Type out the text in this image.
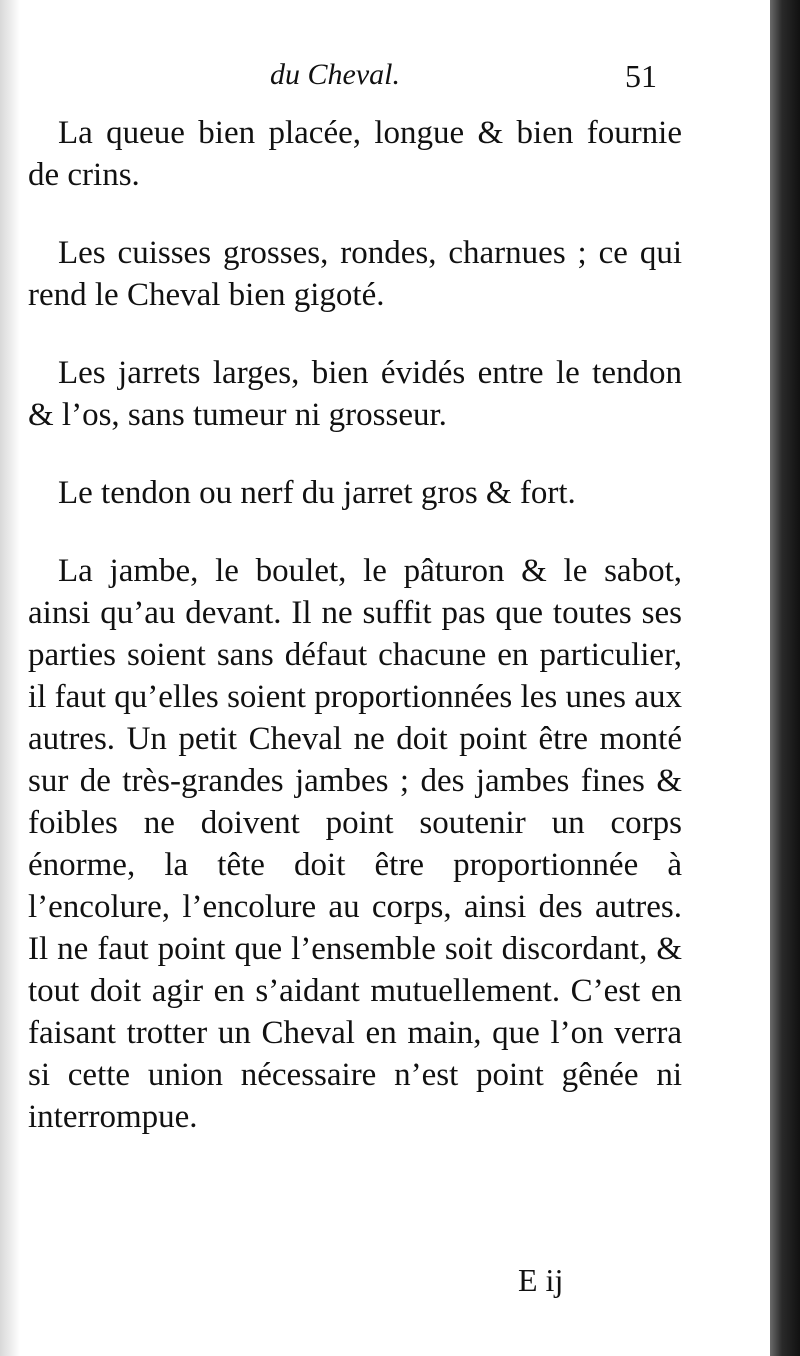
du Cheval.	51

La queue bien placée, longue & bien fournie de crins.

Les cuisses grosses, rondes, charnues ; ce qui rend le Cheval bien gigoté.

Les jarrets larges, bien évidés entre le tendon & l’os, sans tumeur ni grosseur.

Le tendon ou nerf du jarret gros & fort.

La jambe, le boulet, le pâturon & le sabot, ainsi qu’au devant. Il ne suffit pas que toutes ses parties soient sans défaut chacune en particulier, il faut qu’elles soient proportionnées les unes aux autres. Un petit Cheval ne doit point être monté sur de très-grandes jambes ; des jambes fines & foibles ne doivent point soutenir un corps énorme, la tête doit être proportionnée à l’encolure, l’encolure au corps, ainsi des autres. Il ne faut point que l’ensemble soit discordant, & tout doit agir en s’aidant mutuellement. C’est en faisant trotter un Cheval en main, que l’on verra si cette union nécessaire n’est point gênée ni interrompue.

E ij
